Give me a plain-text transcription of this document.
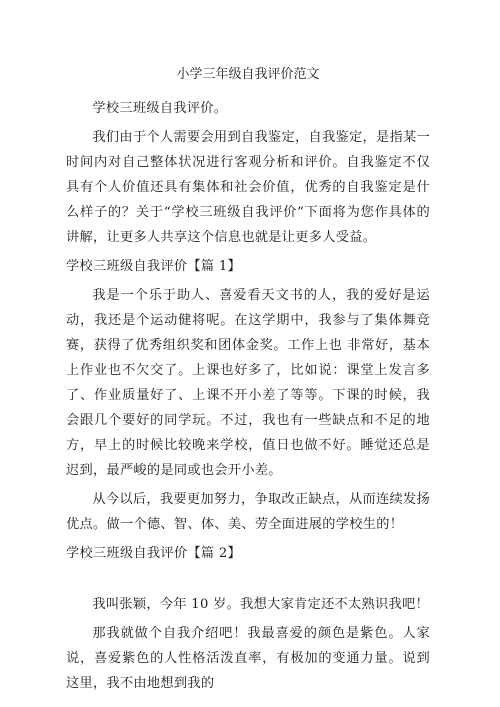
小学三年级自我评价范文
学校三班级自我评价。
我们由于个人需要会用到自我鉴定，自我鉴定，是指某一时间内对自己整体状况进行客观分析和评价。自我鉴定不仅具有个人价值还具有集体和社会价值，优秀的自我鉴定是什么样子的？关于“学校三班级自我评价”下面将为您作具体的讲解，让更多人共享这个信息也就是让更多人受益。
学校三班级自我评价【篇 1】
我是一个乐于助人、喜爱看天文书的人，我的爱好是运动，我还是个运动健将呢。在这学期中，我参与了集体舞竞赛，获得了优秀组织奖和团体金奖。工作上也 非常好，基本上作业也不欠交了。上课也好多了，比如说：课堂上发言多了、作业质量好了、上课不开小差了等等。下课的时候，我会跟几个要好的同学玩。不过，我也有一些缺点和不足的地方，早上的时候比较晚来学校，值日也做不好。睡觉还总是迟到，最严峻的是同或也会开小差。
从今以后，我要更加努力，争取改正缺点，从而连续发扬优点。做一个德、智、体、美、劳全面进展的学校生的！
学校三班级自我评价【篇 2】
我叫张颖，今年 10 岁。我想大家肯定还不太熟识我吧！
那我就做个自我介绍吧！我最喜爱的颜色是紫色。人家说，喜爱紫色的人性格活泼直率，有极加的变通力量。说到这里，我不由地想到我的
